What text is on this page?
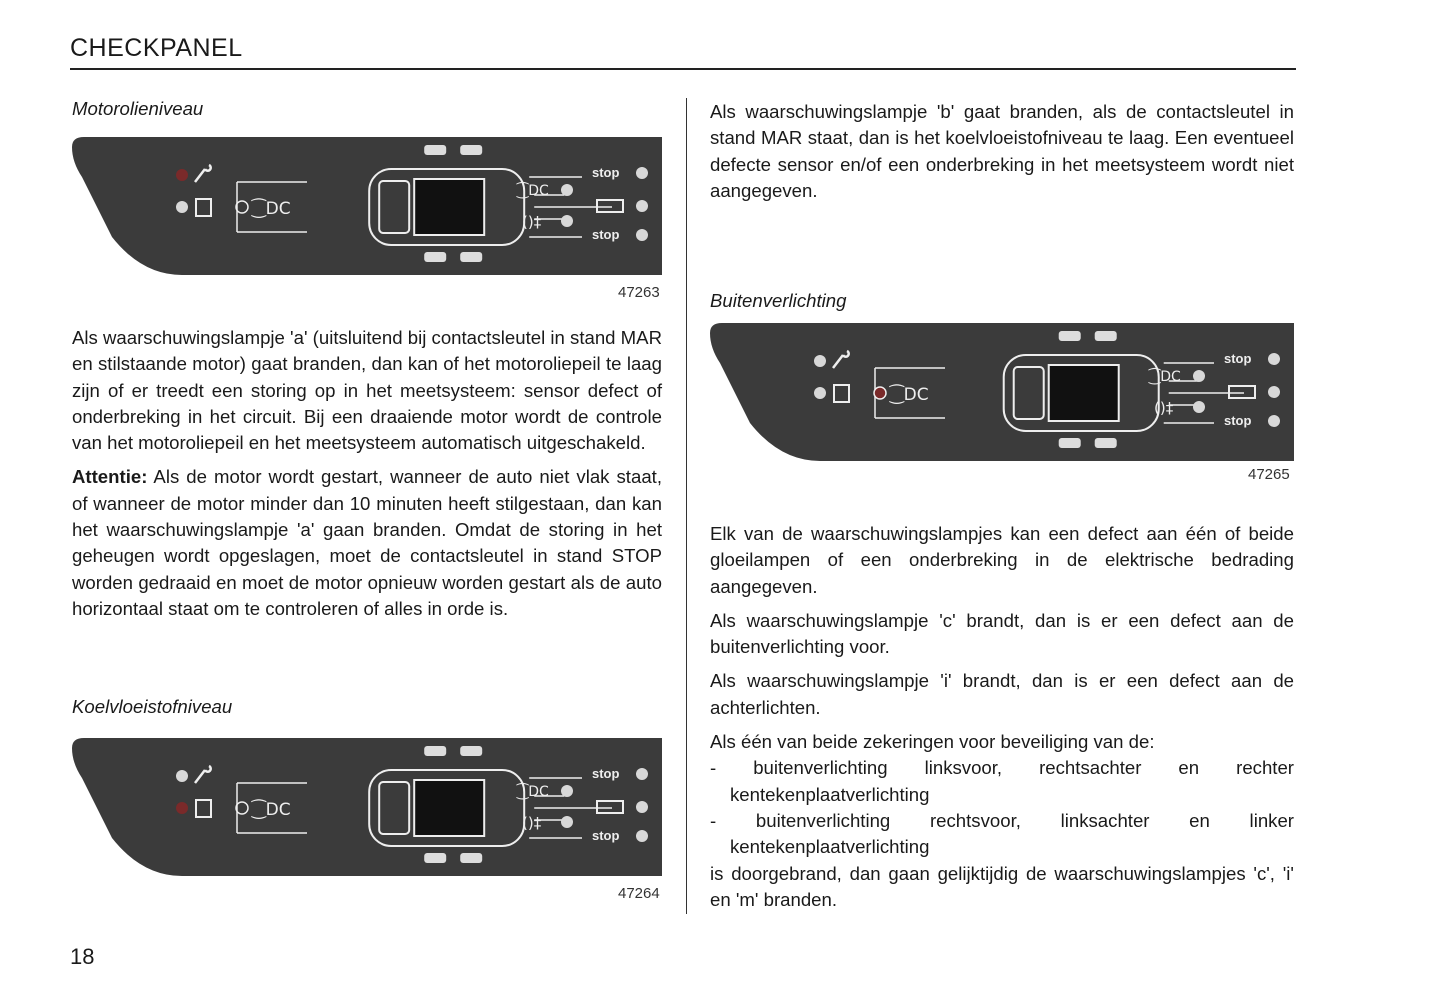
CHECKPANEL
Motorolieniveau
⁐DC
stop
⁐DC
()‡
stop
47263

Als waarschuwingslampje 'a' (uitsluitend bij contactsleutel in stand MAR en stilstaande motor) gaat branden, dan kan of het motoroliepeil te laag zijn of er treedt een storing op in het meetsysteem: sensor defect of onderbreking in het circuit. Bij een draaiende motor wordt de controle van het motoroliepeil en het meetsysteem automatisch uitgeschakeld.

Attentie: Als de motor wordt gestart, wanneer de auto niet vlak staat, of wanneer de motor minder dan 10 minuten heeft stilgestaan, dan kan het waarschuwingslampje 'a' gaan branden. Omdat de storing in het geheugen wordt opgeslagen, moet de contactsleutel in stand STOP worden gedraaid en moet de motor opnieuw worden gestart als de auto horizontaal staat om te controleren of alles in orde is.

Koelvloeistofniveau
⁐DC
stop
⁐DC
()‡
stop
47264

Als waarschuwingslampje 'b' gaat branden, als de contactsleutel in stand MAR staat, dan is het koelvloeistofniveau te laag. Een eventueel defecte sensor en/of een onderbreking in het meetsysteem wordt niet aangegeven.

Buitenverlichting
⁐DC
stop
⁐DC
()‡
stop
47265

Elk van de waarschuwingslampjes kan een defect aan één of beide gloeilampen of een onderbreking in de elektrische bedrading aangegeven.

Als waarschuwingslampje 'c' brandt, dan is er een defect aan de buitenverlichting voor.

Als waarschuwingslampje 'i' brandt, dan is er een defect aan de achterlichten.

Als één van beide zekeringen voor beveiliging van de:
- buitenverlichting linksvoor, rechtsachter en rechter kentekenplaatverlichting
- buitenverlichting rechtsvoor, linksachter en linker kentekenplaatverlichting
is doorgebrand, dan gaan gelijktijdig de waarschuwingslampjes 'c', 'i' en 'm' branden.
18
